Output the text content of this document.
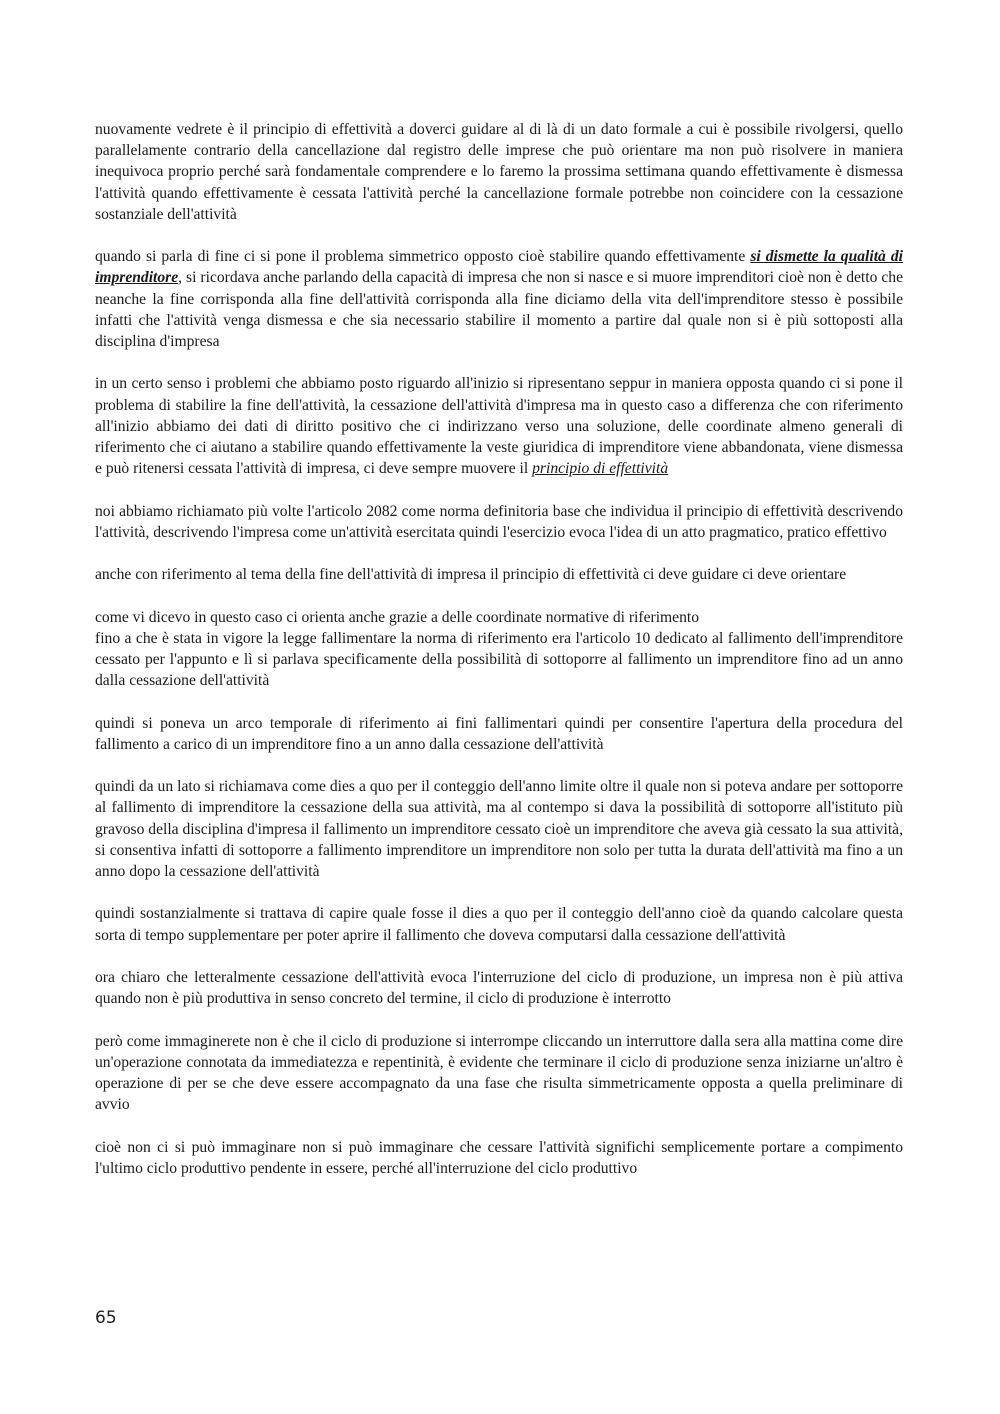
nuovamente vedrete è il principio di effettività a doverci guidare al di là di un dato formale a cui è possibile rivolgersi, quello parallelamente contrario della cancellazione dal registro delle imprese che può orientare ma non può risolvere in maniera inequivoca proprio perché sarà fondamentale comprendere e lo faremo la prossima settimana quando effettivamente è dismessa l'attività quando effettivamente è cessata l'attività perché la cancellazione formale potrebbe non coincidere con la cessazione sostanziale dell'attività

quando si parla di fine ci si pone il problema simmetrico opposto cioè stabilire quando effettivamente si dismette la qualità di imprenditore, si ricordava anche parlando della capacità di impresa che non si nasce e si muore imprenditori cioè non è detto che neanche la fine corrisponda alla fine dell'attività corrisponda alla fine diciamo della vita dell'imprenditore stesso è possibile infatti che l'attività venga dismessa e che sia necessario stabilire il momento a partire dal quale non si è più sottoposti alla disciplina d'impresa

in un certo senso i problemi che abbiamo posto riguardo all'inizio si ripresentano seppur in maniera opposta quando ci si pone il problema di stabilire la fine dell'attività, la cessazione dell'attività d'impresa ma in questo caso a differenza che con riferimento all'inizio abbiamo dei dati di diritto positivo che ci indirizzano verso una soluzione, delle coordinate almeno generali di riferimento che ci aiutano a stabilire quando effettivamente la veste giuridica di imprenditore viene abbandonata, viene dismessa e può ritenersi cessata l'attività di impresa, ci deve sempre muovere il principio di effettività

noi abbiamo richiamato più volte l'articolo 2082 come norma definitoria base che individua il principio di effettività descrivendo l'attività, descrivendo l'impresa come un'attività esercitata quindi l'esercizio evoca l'idea di un atto pragmatico, pratico effettivo

anche con riferimento al tema della fine dell'attività di impresa il principio di effettività ci deve guidare ci deve orientare

come vi dicevo in questo caso ci orienta anche grazie a delle coordinate normative di riferimento
fino a che è stata in vigore la legge fallimentare la norma di riferimento era l'articolo 10 dedicato al fallimento dell'imprenditore cessato per l'appunto e lì si parlava specificamente della possibilità di sottoporre al fallimento un imprenditore fino ad un anno dalla cessazione dell'attività

quindi si poneva un arco temporale di riferimento ai fini fallimentari quindi per consentire l'apertura della procedura del fallimento a carico di un imprenditore fino a un anno dalla cessazione dell'attività

quindi da un lato si richiamava come dies a quo per il conteggio dell'anno limite oltre il quale non si poteva andare per sottoporre al fallimento di imprenditore la cessazione della sua attività, ma al contempo si dava la possibilità di sottoporre all'istituto più gravoso della disciplina d'impresa il fallimento un imprenditore cessato cioè un imprenditore che aveva già cessato la sua attività, si consentiva infatti di sottoporre a fallimento imprenditore un imprenditore non solo per tutta la durata dell'attività ma fino a un anno dopo la cessazione dell'attività

quindi sostanzialmente si trattava di capire quale fosse il dies a quo per il conteggio dell'anno cioè da quando calcolare questa sorta di tempo supplementare per poter aprire il fallimento che doveva computarsi dalla cessazione dell'attività

ora chiaro che letteralmente cessazione dell'attività evoca l'interruzione del ciclo di produzione, un impresa non è più attiva quando non è più produttiva in senso concreto del termine, il ciclo di produzione è interrotto

però come immaginerete non è che il ciclo di produzione si interrompe cliccando un interruttore dalla sera alla mattina come dire un'operazione connotata da immediatezza e repentinità, è evidente che terminare il ciclo di produzione senza iniziarne un'altro è operazione di per se che deve essere accompagnato da una fase che risulta simmetricamente opposta a quella preliminare di avvio

cioè non ci si può immaginare non si può immaginare che cessare l'attività significhi semplicemente portare a compimento l'ultimo ciclo produttivo pendente in essere, perché all'interruzione del ciclo produttivo

65
